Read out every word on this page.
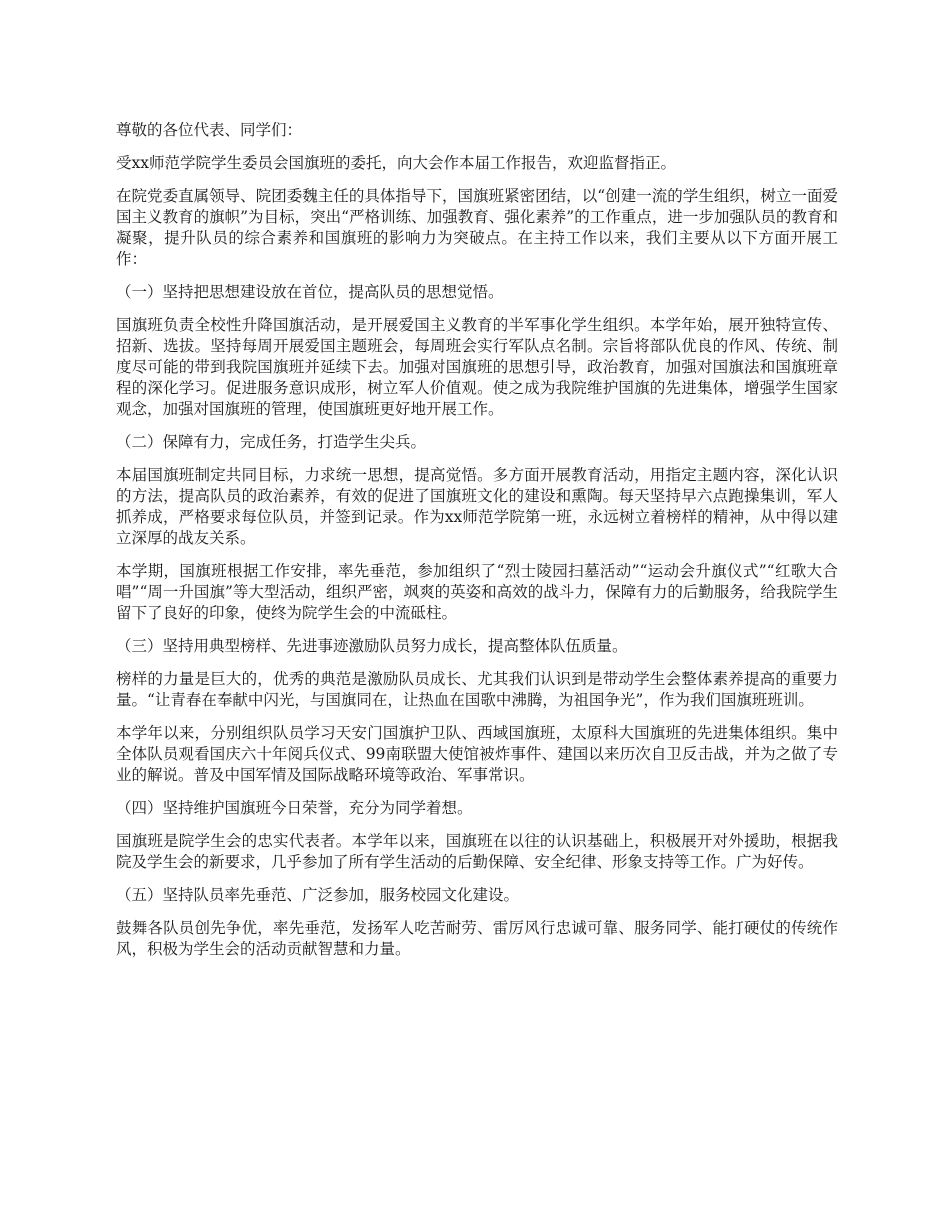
尊敬的各位代表、同学们：

受xx师范学院学生委员会国旗班的委托，向大会作本届工作报告，欢迎监督指正。

在院党委直属领导、院团委魏主任的具体指导下，国旗班紧密团结，以“创建一流的学生组织，树立一面爱国主义教育的旗帜”为目标，突出“严格训练、加强教育、强化素养”的工作重点，进一步加强队员的教育和凝聚，提升队员的综合素养和国旗班的影响力为突破点。在主持工作以来，我们主要从以下方面开展工作：

（一）坚持把思想建设放在首位，提高队员的思想觉悟。

国旗班负责全校性升降国旗活动，是开展爱国主义教育的半军事化学生组织。本学年始，展开独特宣传、招新、选拔。坚持每周开展爱国主题班会，每周班会实行军队点名制。宗旨将部队优良的作风、传统、制度尽可能的带到我院国旗班并延续下去。加强对国旗班的思想引导，政治教育，加强对国旗法和国旗班章程的深化学习。促进服务意识成形，树立军人价值观。使之成为我院维护国旗的先进集体，增强学生国家观念，加强对国旗班的管理，使国旗班更好地开展工作。

（二）保障有力，完成任务，打造学生尖兵。

本届国旗班制定共同目标，力求统一思想，提高觉悟。多方面开展教育活动，用指定主题内容，深化认识的方法，提高队员的政治素养，有效的促进了国旗班文化的建设和熏陶。每天坚持早六点跑操集训，军人抓养成，严格要求每位队员，并签到记录。作为xx师范学院第一班，永远树立着榜样的精神，从中得以建立深厚的战友关系。

本学期，国旗班根据工作安排，率先垂范，参加组织了“烈士陵园扫墓活动”“运动会升旗仪式”“红歌大合唱”“周一升国旗”等大型活动，组织严密，飒爽的英姿和高效的战斗力，保障有力的后勤服务，给我院学生留下了良好的印象，使终为院学生会的中流砥柱。

（三）坚持用典型榜样、先进事迹激励队员努力成长，提高整体队伍质量。

榜样的力量是巨大的，优秀的典范是激励队员成长、尤其我们认识到是带动学生会整体素养提高的重要力量。“让青春在奉献中闪光，与国旗同在，让热血在国歌中沸腾，为祖国争光”，作为我们国旗班班训。

本学年以来，分别组织队员学习天安门国旗护卫队、西域国旗班，太原科大国旗班的先进集体组织。集中全体队员观看国庆六十年阅兵仪式、99南联盟大使馆被炸事件、建国以来历次自卫反击战，并为之做了专业的解说。普及中国军情及国际战略环境等政治、军事常识。

（四）坚持维护国旗班今日荣誉，充分为同学着想。

国旗班是院学生会的忠实代表者。本学年以来，国旗班在以往的认识基础上，积极展开对外援助，根据我院及学生会的新要求，几乎参加了所有学生活动的后勤保障、安全纪律、形象支持等工作。广为好传。

（五）坚持队员率先垂范、广泛参加，服务校园文化建设。

鼓舞各队员创先争优，率先垂范，发扬军人吃苦耐劳、雷厉风行忠诚可靠、服务同学、能打硬仗的传统作风，积极为学生会的活动贡献智慧和力量。
